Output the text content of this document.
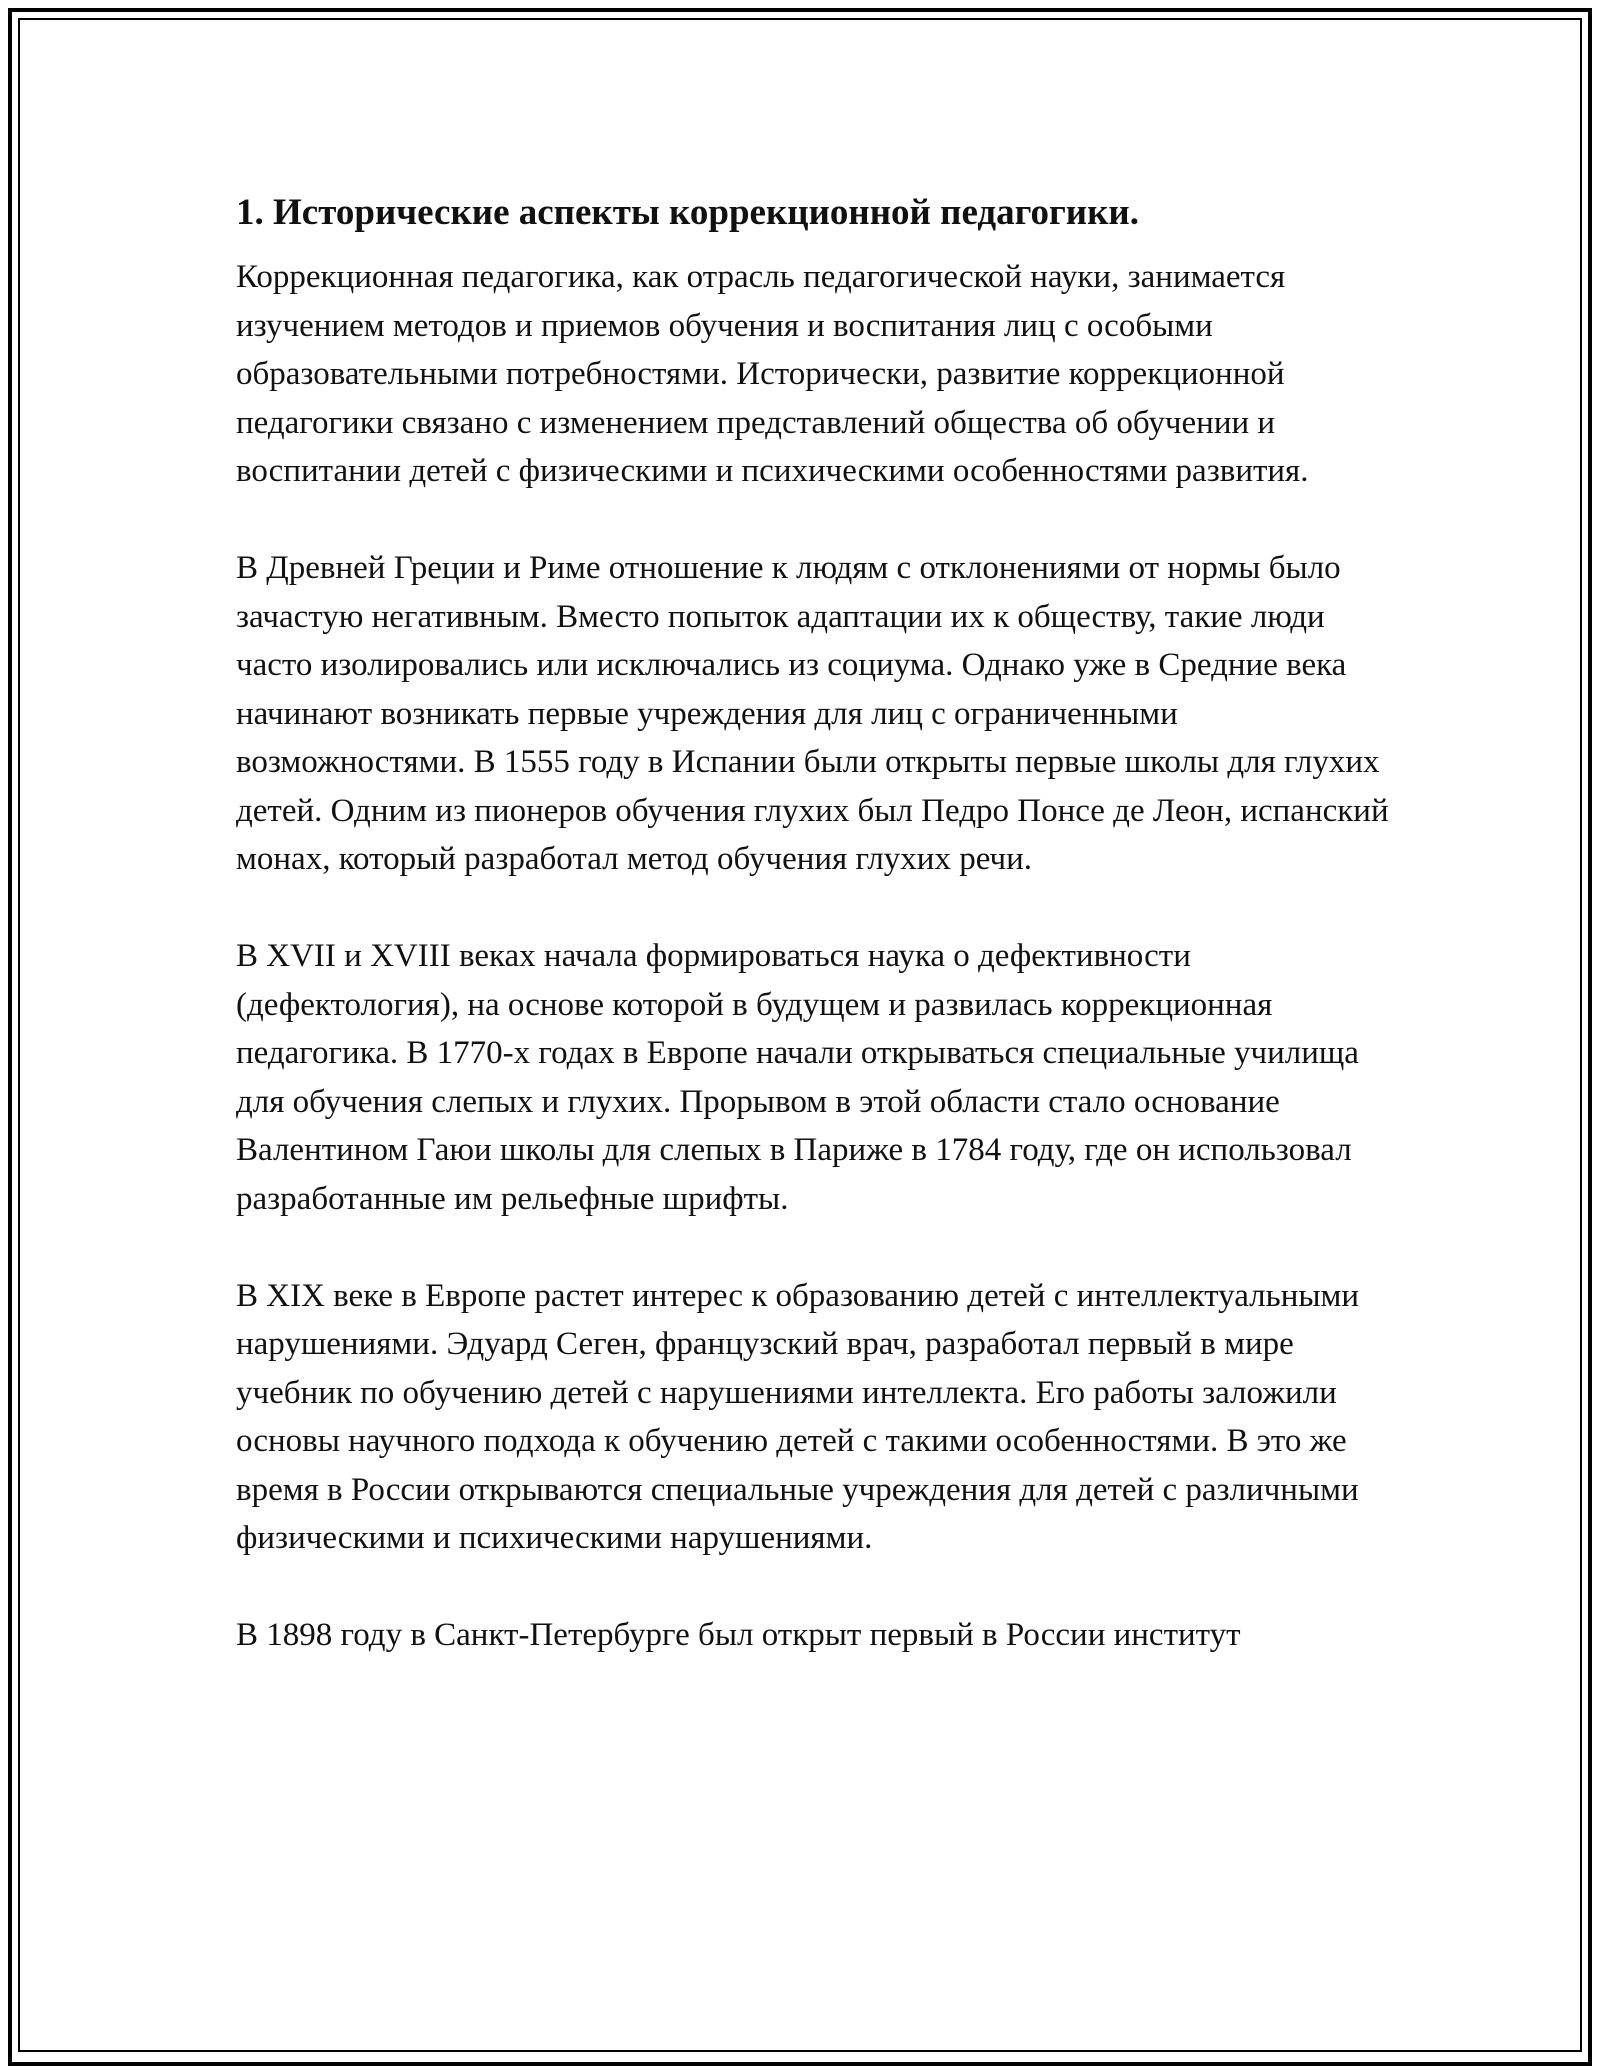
1. Исторические аспекты коррекционной педагогики.

Коррекционная педагогика, как отрасль педагогической науки, занимается изучением методов и приемов обучения и воспитания лиц с особыми образовательными потребностями. Исторически, развитие коррекционной педагогики связано с изменением представлений общества об обучении и воспитании детей с физическими и психическими особенностями развития.

В Древней Греции и Риме отношение к людям с отклонениями от нормы было зачастую негативным. Вместо попыток адаптации их к обществу, такие люди часто изолировались или исключались из социума. Однако уже в Средние века начинают возникать первые учреждения для лиц с ограниченными возможностями. В 1555 году в Испании были открыты первые школы для глухих детей. Одним из пионеров обучения глухих был Педро Понсе де Леон, испанский монах, который разработал метод обучения глухих речи.

В XVII и XVIII веках начала формироваться наука о дефективности (дефектология), на основе которой в будущем и развилась коррекционная педагогика. В 1770-х годах в Европе начали открываться специальные училища для обучения слепых и глухих. Прорывом в этой области стало основание Валентином Гаюи школы для слепых в Париже в 1784 году, где он использовал разработанные им рельефные шрифты.

В XIX веке в Европе растет интерес к образованию детей с интеллектуальными нарушениями. Эдуард Сеген, французский врач, разработал первый в мире учебник по обучению детей с нарушениями интеллекта. Его работы заложили основы научного подхода к обучению детей с такими особенностями. В это же время в России открываются специальные учреждения для детей с различными физическими и психическими нарушениями.

В 1898 году в Санкт-Петербурге был открыт первый в России институт
